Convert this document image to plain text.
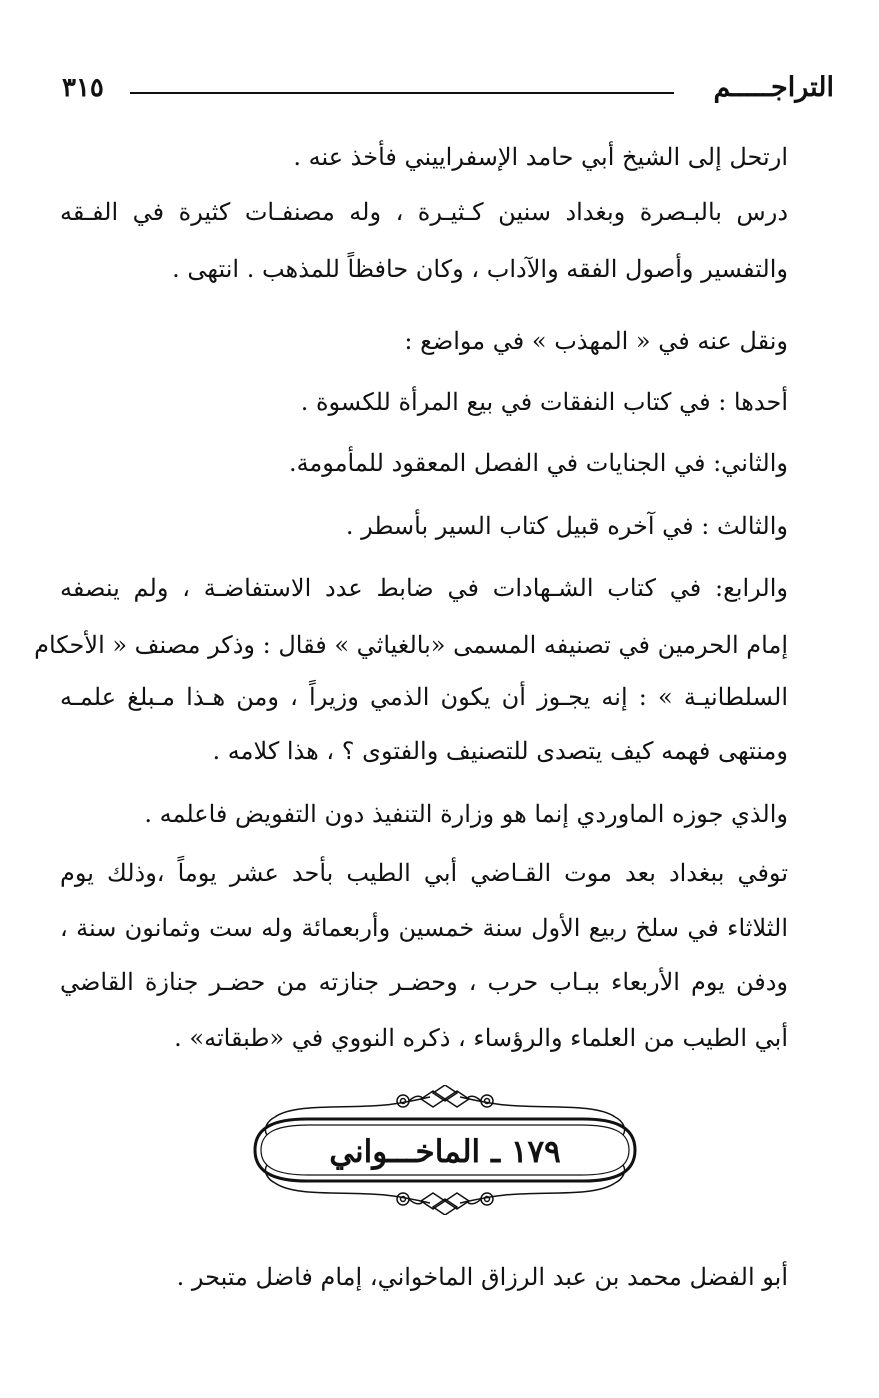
التراجـــــم
٣١٥

ارتحل إلى الشيخ أبي حامد الإسفراييني فأخذ عنه .

درس بالبـصرة وبغداد سنين كـثيـرة ، وله مصنفـات كثيرة في الفـقه

والتفسير وأصول الفقه والآداب ، وكان حافظاً للمذهب . انتهى .

ونقل عنه في « المهذب » في مواضع :

أحدها : في كتاب النفقات في بيع المرأة للكسوة .

والثاني: في الجنايات في الفصل المعقود للمأمومة.

والثالث : في آخره قبيل كتاب السير بأسطر .

والرابع: في كتاب الشـهادات في ضابط عدد الاستفاضـة ، ولم ينصفه

إمام الحرمين في تصنيفه المسمى «بالغياثي » فقال : وذكر مصنف « الأحكام

السلطانيـة » : إنه يجـوز أن يكون الذمي وزيراً ، ومن هـذا مـبلغ علمـه

ومنتهى فهمه كيف يتصدى للتصنيف والفتوى ؟ ، هذا كلامه .

والذي جوزه الماوردي إنما هو وزارة التنفيذ دون التفويض فاعلمه .

توفي ببغداد بعد موت القـاضي أبي الطيب بأحد عشر يوماً ،وذلك يوم

الثلاثاء في سلخ ربيع الأول سنة خمسين وأربعمائة وله ست وثمانون سنة ،

ودفن يوم الأربعاء ببـاب حرب ، وحضـر جنازته من حضـر جنازة القاضي

أبي الطيب من العلماء والرؤساء ، ذكره النووي في «طبقاته» .

١٧٩ ـ الماخـــواني

أبو الفضل محمد بن عبد الرزاق الماخواني، إمام فاضل متبحر .
